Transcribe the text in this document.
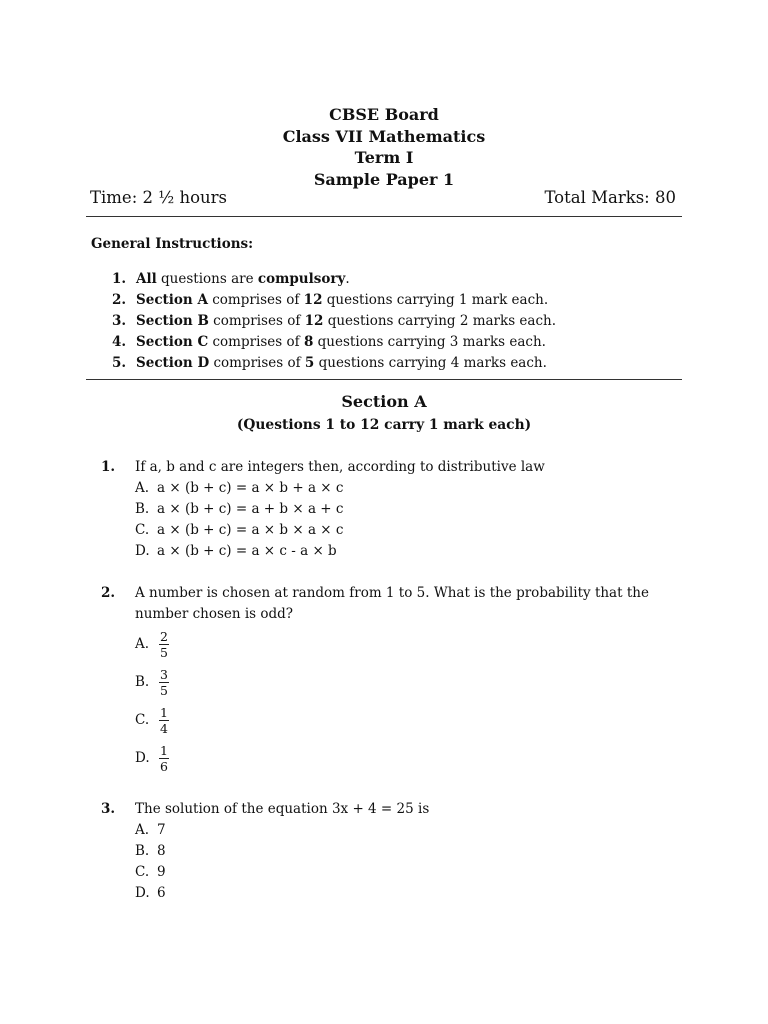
CBSE Board
Class VII Mathematics
Term I
Sample Paper 1
Time: 2 ½ hours	Total Marks: 80
General Instructions:
1. All questions are compulsory.
2. Section A comprises of 12 questions carrying 1 mark each.
3. Section B comprises of 12 questions carrying 2 marks each.
4. Section C comprises of 8 questions carrying 3 marks each.
5. Section D comprises of 5 questions carrying 4 marks each.
Section A
(Questions 1 to 12 carry 1 mark each)
1. If a, b and c are integers then, according to distributive law
A. a × (b + c) = a × b + a × c
B. a × (b + c) = a + b × a + c
C. a × (b + c) = a × b × a × c
D. a × (b + c) = a × c - a × b
2. A number is chosen at random from 1 to 5. What is the probability that the number chosen is odd?
A. $\frac{2}{5}$
B. $\frac{3}{5}$
C. $\frac{1}{4}$
D. $\frac{1}{6}$
3. The solution of the equation 3x + 4 = 25 is
A. 7
B. 8
C. 9
D. 6
